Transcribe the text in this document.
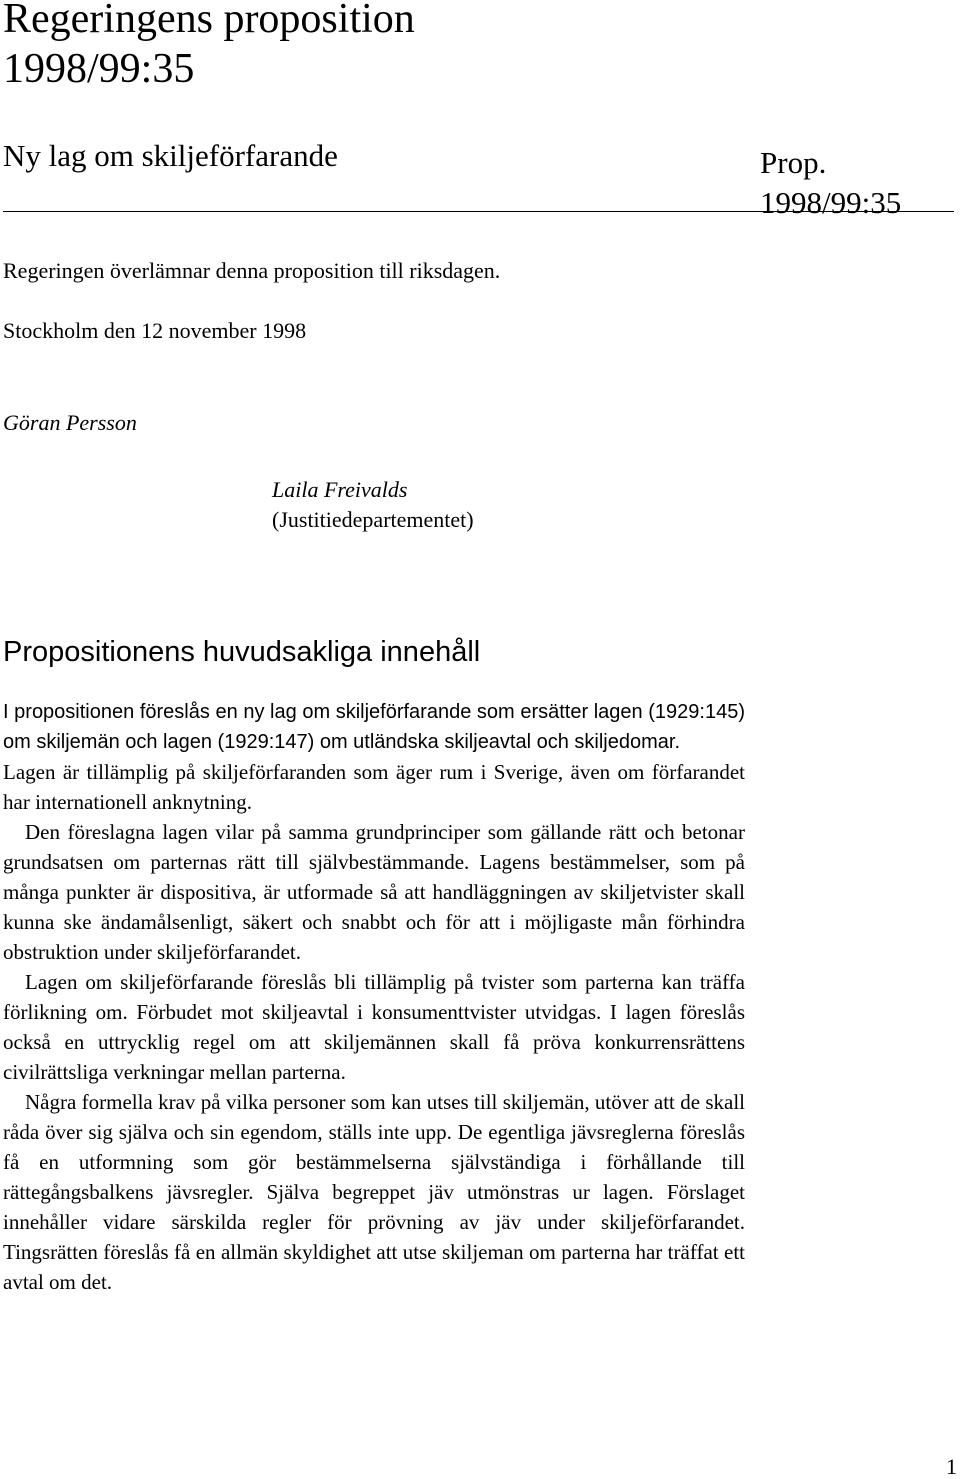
Regeringens proposition
1998/99:35
Ny lag om skiljeförfarande	Prop.
1998/99:35
Regeringen överlämnar denna proposition till riksdagen.
Stockholm den 12 november 1998
Göran Persson
Laila Freivalds
(Justitiedepartementet)
Propositionens huvudsakliga innehåll

I propositionen föreslås en ny lag om skiljeförfarande som ersätter lagen (1929:145) om skiljemän och lagen (1929:147) om utländska skiljeavtal och skiljedomar.

Lagen är tillämplig på skiljeförfaranden som äger rum i Sverige, även om förfarandet har internationell anknytning.

Den föreslagna lagen vilar på samma grundprinciper som gällande rätt och betonar grundsatsen om parternas rätt till självbestämmande. Lagens bestämmelser, som på många punkter är dispositiva, är utformade så att handläggningen av skiljetvister skall kunna ske ändamålsenligt, säkert och snabbt och för att i möjligaste mån förhindra obstruktion under skiljeförfarandet.

Lagen om skiljeförfarande föreslås bli tillämplig på tvister som parterna kan träffa förlikning om. Förbudet mot skiljeavtal i konsumenttvister utvidgas. I lagen föreslås också en uttrycklig regel om att skiljemännen skall få pröva konkurrensrättens civilrättsliga verkningar mellan parterna.

Några formella krav på vilka personer som kan utses till skiljemän, utöver att de skall råda över sig själva och sin egendom, ställs inte upp. De egentliga jävsreglerna föreslås få en utformning som gör bestämmelserna självständiga i förhållande till rättegångsbalkens jävsregler. Själva begreppet jäv utmönstras ur lagen. Förslaget innehåller vidare särskilda regler för prövning av jäv under skiljeförfarandet. Tingsrätten föreslås få en allmän skyldighet att utse skiljeman om parterna har träffat ett avtal om det.

1
